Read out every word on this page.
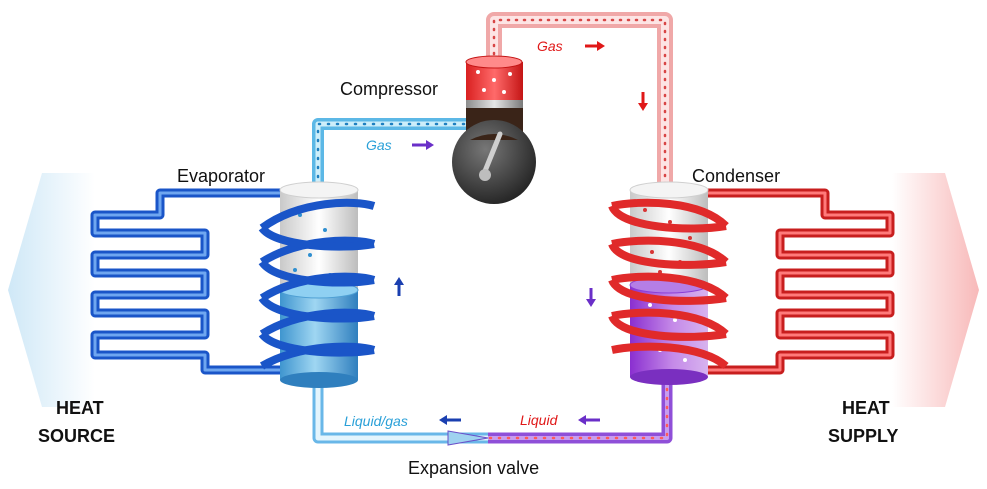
Compressor
Evaporator	Condenser
Expansion valve
HEAT
SOURCE
HEAT
SUPPLY
Gas
Gas
Liquid
Liquid/gas
